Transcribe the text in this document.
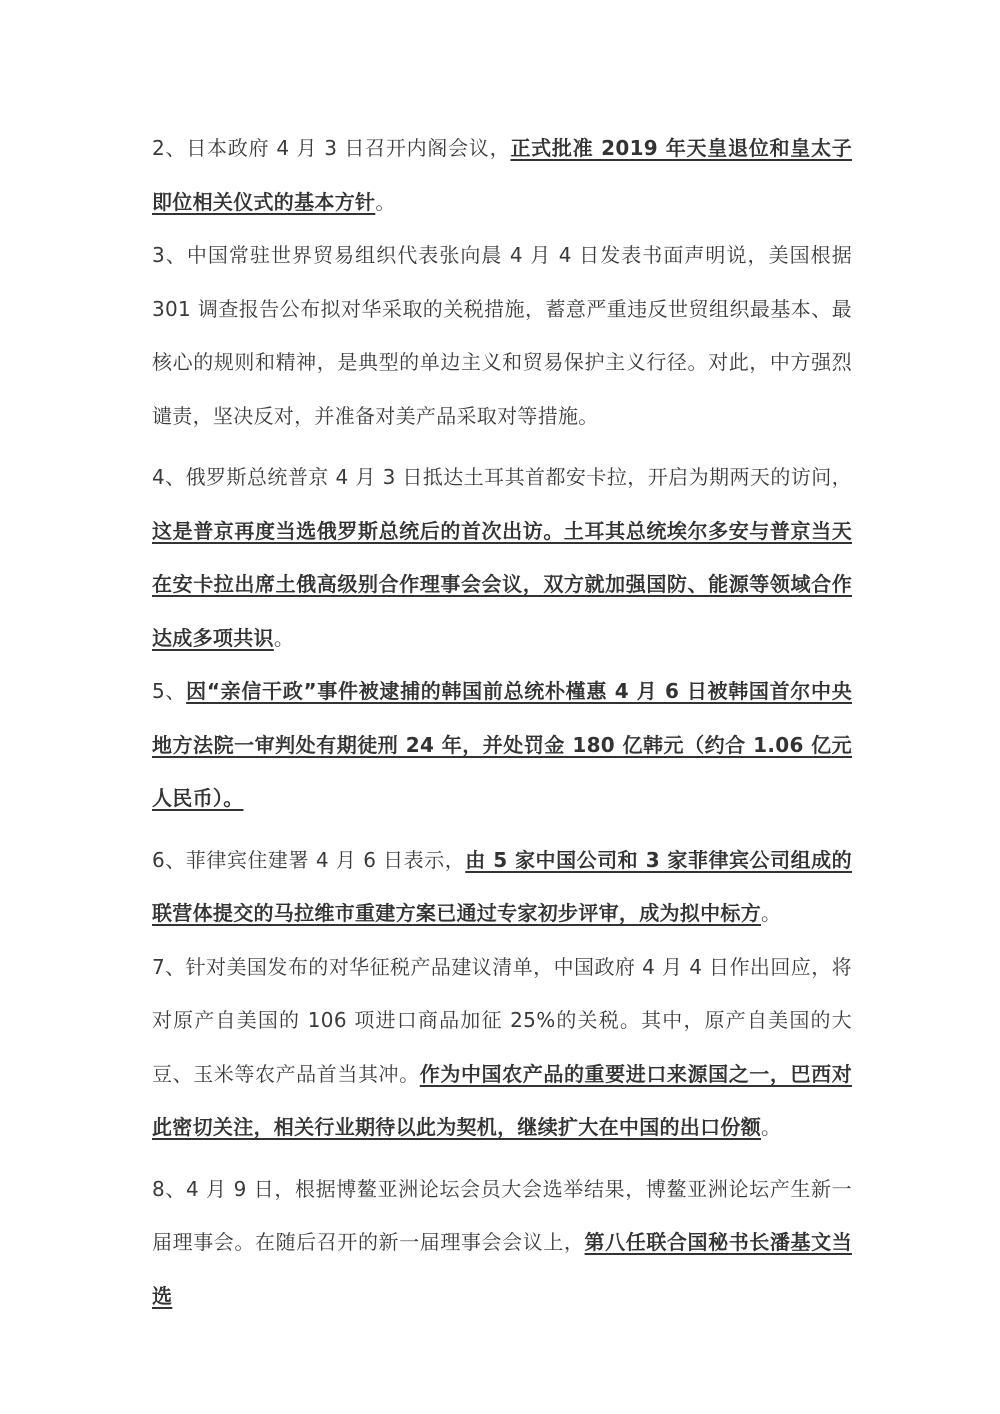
2、日本政府 4 月 3 日召开内阁会议，正式批准 2019 年天皇退位和皇太子即位相关仪式的基本方针。

3、中国常驻世界贸易组织代表张向晨 4 月 4 日发表书面声明说，美国根据 301 调查报告公布拟对华采取的关税措施，蓄意严重违反世贸组织最基本、最核心的规则和精神，是典型的单边主义和贸易保护主义行径。对此，中方强烈谴责，坚决反对，并准备对美产品采取对等措施。

4、俄罗斯总统普京 4 月 3 日抵达土耳其首都安卡拉，开启为期两天的访问，这是普京再度当选俄罗斯总统后的首次出访。土耳其总统埃尔多安与普京当天在安卡拉出席土俄高级别合作理事会会议，双方就加强国防、能源等领域合作达成多项共识。

5、因“亲信干政”事件被逮捕的韩国前总统朴槿惠 4 月 6 日被韩国首尔中央地方法院一审判处有期徒刑 24 年，并处罚金 180 亿韩元（约合 1.06 亿元人民币）。

6、菲律宾住建署 4 月 6 日表示，由 5 家中国公司和 3 家菲律宾公司组成的联营体提交的马拉维市重建方案已通过专家初步评审，成为拟中标方。

7、针对美国发布的对华征税产品建议清单，中国政府 4 月 4 日作出回应，将对原产自美国的 106 项进口商品加征 25%的关税。其中，原产自美国的大豆、玉米等农产品首当其冲。作为中国农产品的重要进口来源国之一，巴西对此密切关注，相关行业期待以此为契机，继续扩大在中国的出口份额。

8、4 月 9 日，根据博鳌亚洲论坛会员大会选举结果，博鳌亚洲论坛产生新一届理事会。在随后召开的新一届理事会会议上，第八任联合国秘书长潘基文当选
